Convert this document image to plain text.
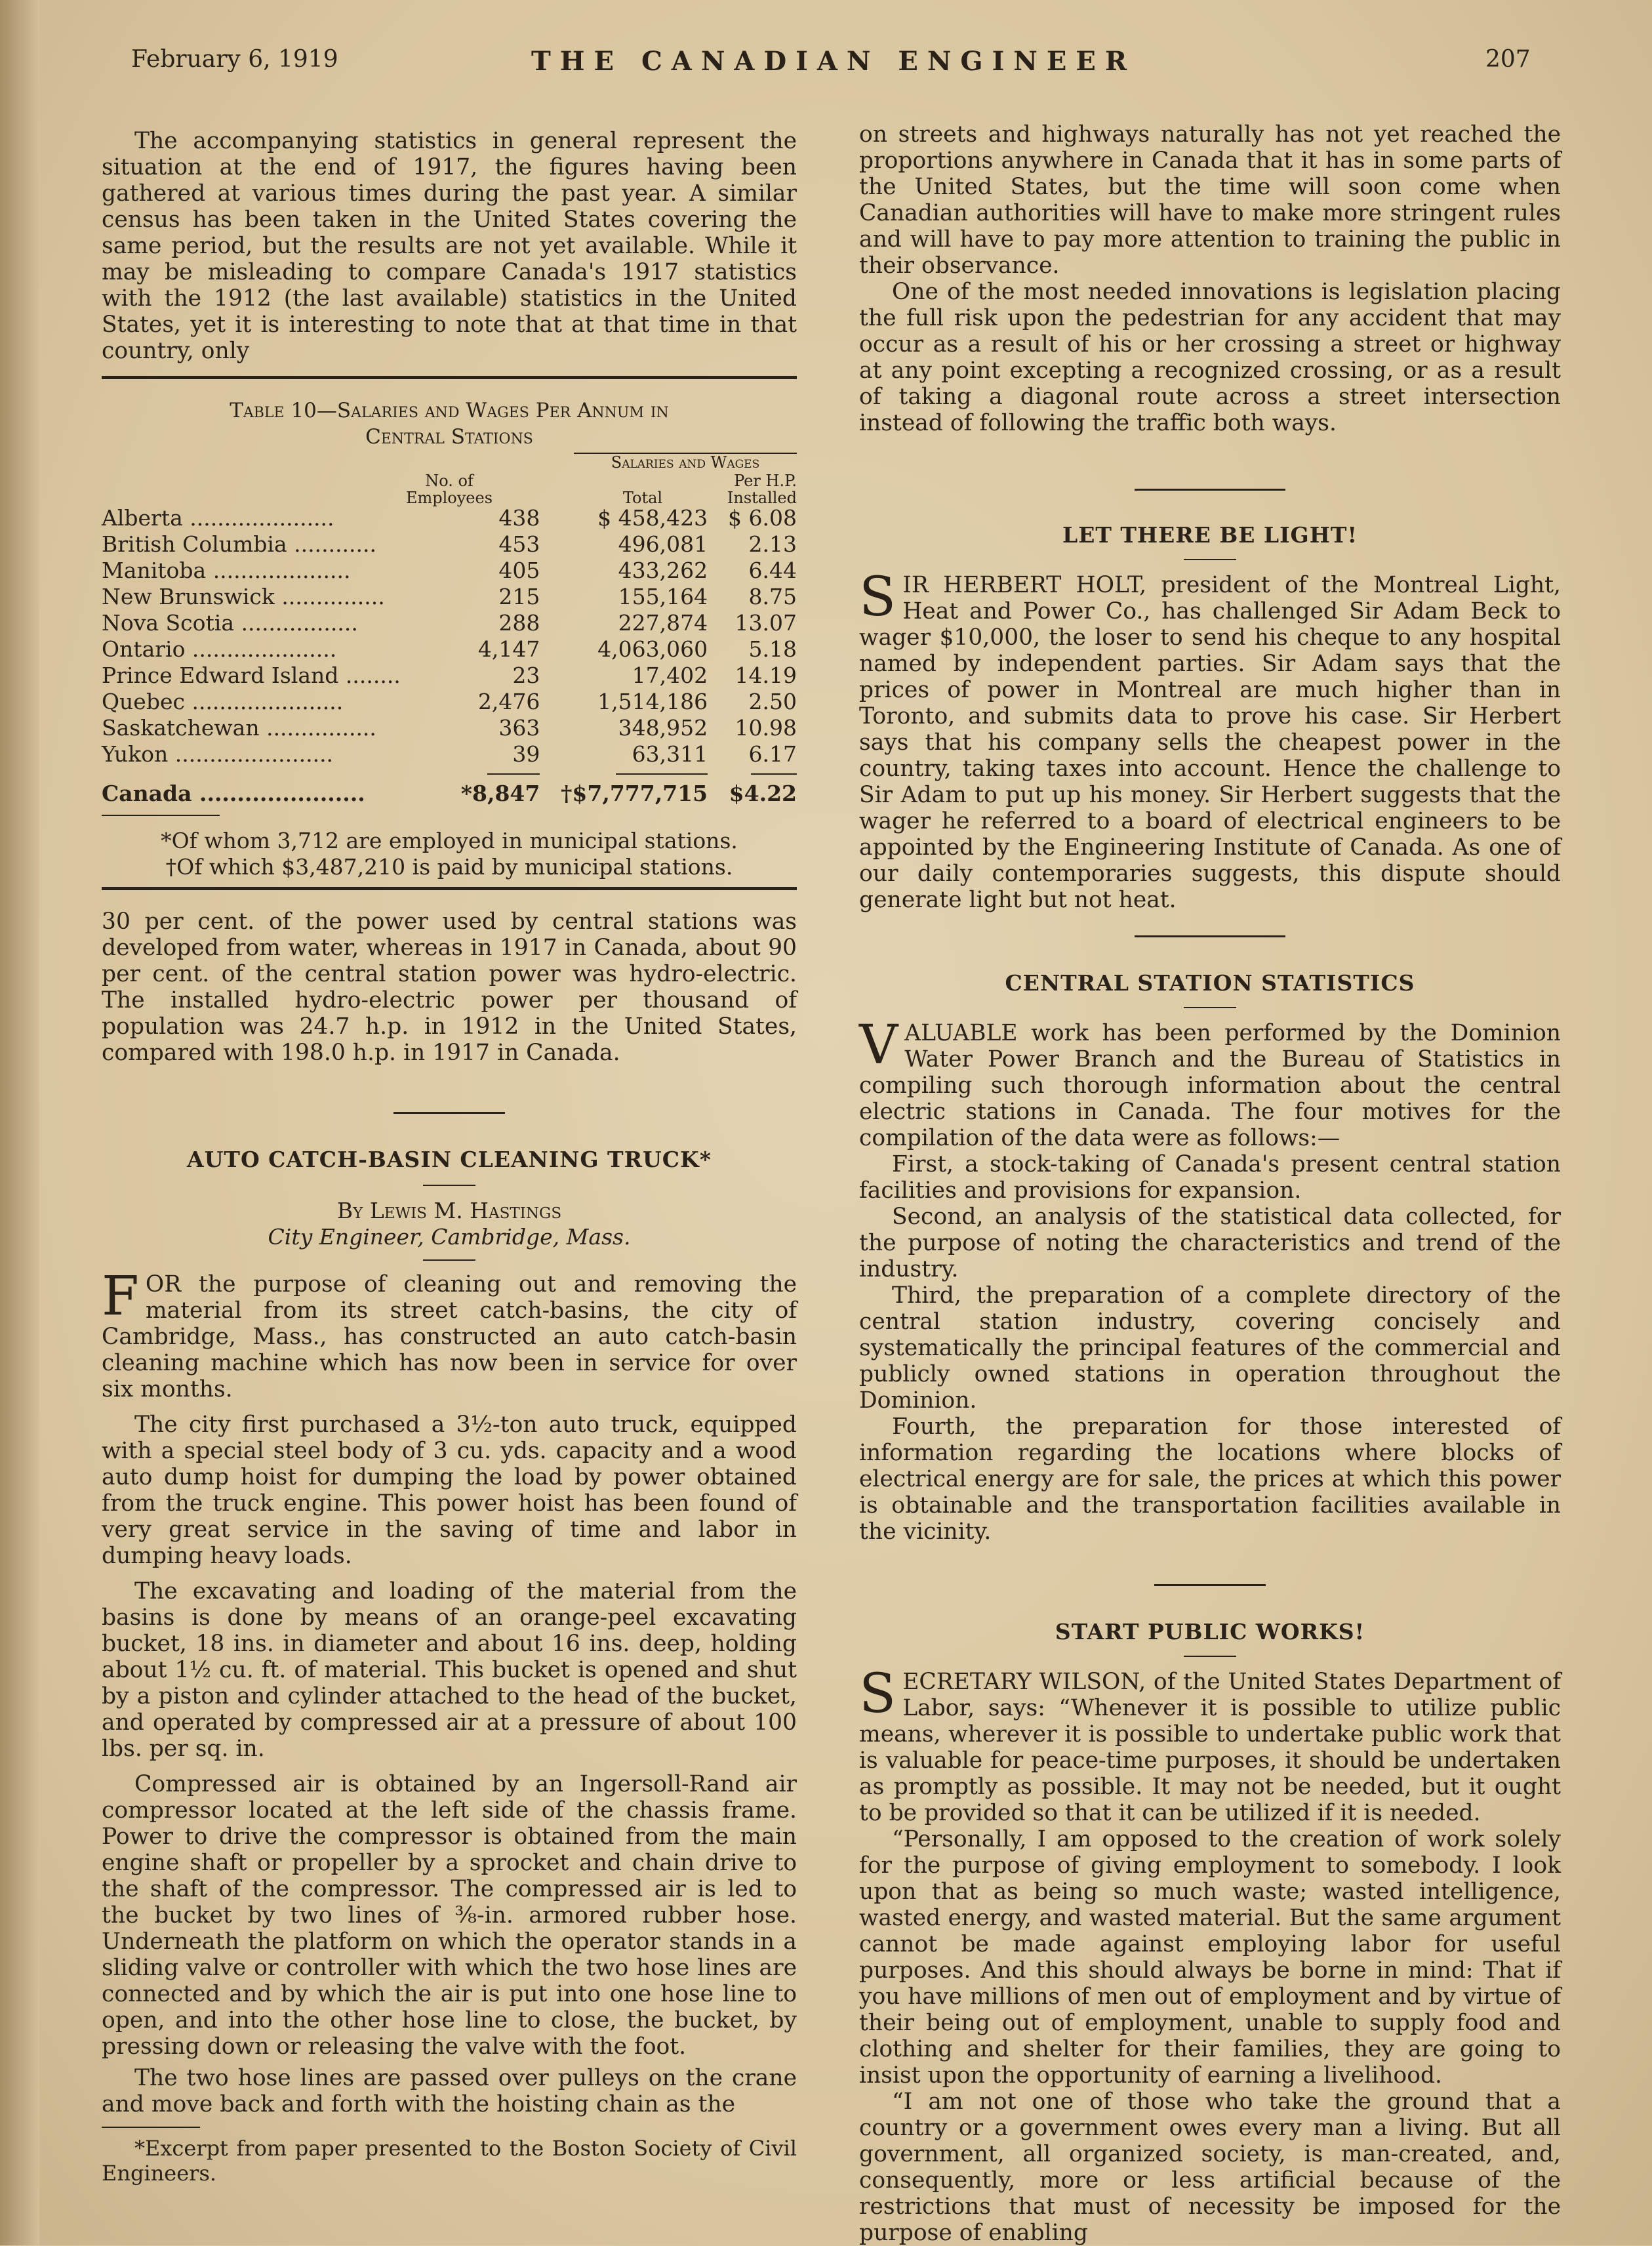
February 6, 1919	THE CANADIAN ENGINEER	207

The accompanying statistics in general represent the situation at the end of 1917, the figures having been gathered at various times during the past year. A similar census has been taken in the United States covering the same period, but the results are not yet available. While it may be misleading to compare Canada's 1917 statistics with the 1912 (the last available) statistics in the United States, yet it is interesting to note that at that time in that country, only

Table 10—Salaries and Wages Per Annum in
Central Stations
Salaries and Wages
No. of Employees	Total
Per H.P. Installed
Alberta .....................	438	$ 458,423	$ 6.08
British Columbia ............	453	496,081	2.13
Manitoba ....................	405	433,262	6.44
New Brunswick ...............	215	155,164	8.75
Nova Scotia .................	288	227,874	13.07
Ontario .....................	4,147	4,063,060	5.18
Prince Edward Island ........	23	17,402	14.19
Quebec ......................	2,476	1,514,186	2.50
Saskatchewan ................	363	348,952	10.98
Yukon .......................	39	63,311	6.17

Canada ......................	*8,847	†$7,777,715	$4.22
*Of whom 3,712 are employed in municipal stations.
†Of which $3,487,210 is paid by municipal stations.

30 per cent. of the power used by central stations was developed from water, whereas in 1917 in Canada, about 90 per cent. of the central station power was hydro-electric. The installed hydro-electric power per thousand of population was 24.7 h.p. in 1912 in the United States, compared with 198.0 h.p. in 1917 in Canada.

AUTO CATCH-BASIN CLEANING TRUCK*
By Lewis M. Hastings
City Engineer, Cambridge, Mass.

FOR the purpose of cleaning out and removing the material from its street catch-basins, the city of Cambridge, Mass., has constructed an auto catch-basin cleaning machine which has now been in service for over six months.

The city first purchased a 3½-ton auto truck, equipped with a special steel body of 3 cu. yds. capacity and a wood auto dump hoist for dumping the load by power obtained from the truck engine. This power hoist has been found of very great service in the saving of time and labor in dumping heavy loads.

The excavating and loading of the material from the basins is done by means of an orange-peel excavating bucket, 18 ins. in diameter and about 16 ins. deep, holding about 1½ cu. ft. of material. This bucket is opened and shut by a piston and cylinder attached to the head of the bucket, and operated by compressed air at a pressure of about 100 lbs. per sq. in.

Compressed air is obtained by an Ingersoll-Rand air compressor located at the left side of the chassis frame. Power to drive the compressor is obtained from the main engine shaft or propeller by a sprocket and chain drive to the shaft of the compressor. The compressed air is led to the bucket by two lines of ⅜-in. armored rubber hose. Underneath the platform on which the operator stands in a sliding valve or controller with which the two hose lines are connected and by which the air is put into one hose line to open, and into the other hose line to close, the bucket, by pressing down or releasing the valve with the foot.

The two hose lines are passed over pulleys on the crane and move back and forth with the hoisting chain as the

*Excerpt from paper presented to the Boston Society of Civil Engineers.

on streets and highways naturally has not yet reached the proportions anywhere in Canada that it has in some parts of the United States, but the time will soon come when Canadian authorities will have to make more stringent rules and will have to pay more attention to training the public in their observance.

One of the most needed innovations is legislation placing the full risk upon the pedestrian for any accident that may occur as a result of his or her crossing a street or highway at any point excepting a recognized crossing, or as a result of taking a diagonal route across a street intersection instead of following the traffic both ways.

LET THERE BE LIGHT!

SIR HERBERT HOLT, president of the Montreal Light, Heat and Power Co., has challenged Sir Adam Beck to wager $10,000, the loser to send his cheque to any hospital named by independent parties. Sir Adam says that the prices of power in Montreal are much higher than in Toronto, and submits data to prove his case. Sir Herbert says that his company sells the cheapest power in the country, taking taxes into account. Hence the challenge to Sir Adam to put up his money. Sir Herbert suggests that the wager he referred to a board of electrical engineers to be appointed by the Engineering Institute of Canada. As one of our daily contemporaries suggests, this dispute should generate light but not heat.

CENTRAL STATION STATISTICS

VALUABLE work has been performed by the Dominion Water Power Branch and the Bureau of Statistics in compiling such thorough information about the central electric stations in Canada. The four motives for the compilation of the data were as follows:—

First, a stock-taking of Canada's present central station facilities and provisions for expansion.

Second, an analysis of the statistical data collected, for the purpose of noting the characteristics and trend of the industry.

Third, the preparation of a complete directory of the central station industry, covering concisely and systematically the principal features of the commercial and publicly owned stations in operation throughout the Dominion.

Fourth, the preparation for those interested of information regarding the locations where blocks of electrical energy are for sale, the prices at which this power is obtainable and the transportation facilities available in the vicinity.

START PUBLIC WORKS!

SECRETARY WILSON, of the United States Department of Labor, says: “Whenever it is possible to utilize public means, wherever it is possible to undertake public work that is valuable for peace-time purposes, it should be undertaken as promptly as possible. It may not be needed, but it ought to be provided so that it can be utilized if it is needed.

“Personally, I am opposed to the creation of work solely for the purpose of giving employment to somebody. I look upon that as being so much waste; wasted intelligence, wasted energy, and wasted material. But the same argument cannot be made against employing labor for useful purposes. And this should always be borne in mind: That if you have millions of men out of employment and by virtue of their being out of employment, unable to supply food and clothing and shelter for their families, they are going to insist upon the opportunity of earning a livelihood.

“I am not one of those who take the ground that a country or a government owes every man a living. But all government, all organized society, is man-created, and, consequently, more or less artificial because of the restrictions that must of necessity be imposed for the purpose of enabling
